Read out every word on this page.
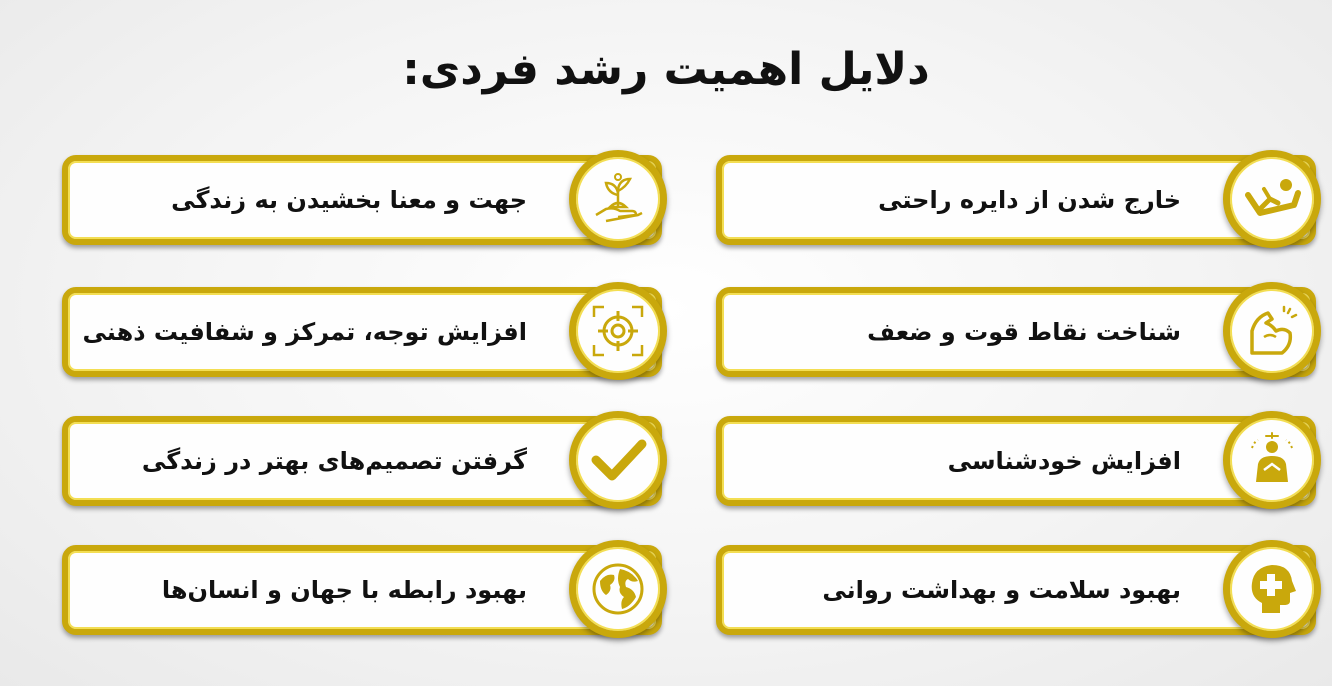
دلایل اهمیت رشد فردی:
خارج شدن از دایره راحتی
شناخت نقاط قوت و ضعف
افزایش خودشناسی
بهبود سلامت و بهداشت روانی
جهت و معنا بخشیدن به زندگی
افزایش توجه، تمرکز و شفافیت ذهنی
گرفتن تصمیم‌های بهتر در زندگی
بهبود رابطه با جهان و انسان‌ها
